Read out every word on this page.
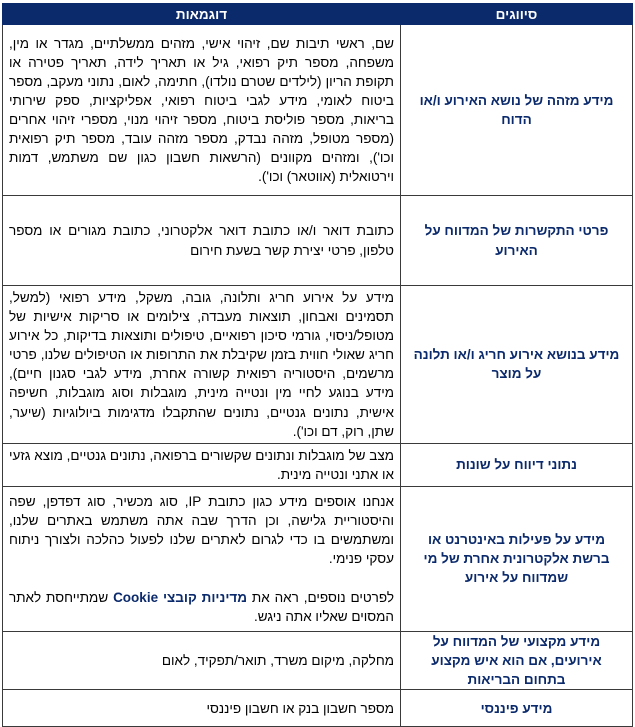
סיווגים	דוגמאות
מידע מזהה של נושא האירוע ו/או הדוח	שם, ראשי תיבות שם, זיהוי אישי, מזהים ממשלתיים, מגדר או מין, משפחה, מספר תיק רפואי, גיל או תאריך לידה, תאריך פטירה או תקופת הריון (לילדים שטרם נולדו), חתימה, לאום, נתוני מעקב, מספר ביטוח לאומי, מידע לגבי ביטוח רפואי, אפליקציות, ספק שירותי בריאות, מספר פוליסת ביטוח, מספר זיהוי מנוי, מספרי זיהוי אחרים (מספר מטופל, מזהה נבדק, מספר מזהה עובד, מספר תיק רפואית וכו'), ומזהים מקוונים (הרשאות חשבון כגון שם משתמש, דמות וירטואלית (אווטאר) וכו').
פרטי התקשרות של המדווח על האירוע	כתובת דואר ו/או כתובת דואר אלקטרוני, כתובת מגורים או מספר טלפון, פרטי יצירת קשר בשעת חירום
מידע בנושא אירוע חריג ו/או תלונה על מוצר	מידע על אירוע חריג ותלונה, גובה, משקל, מידע רפואי (למשל, תסמינים ואבחון, תוצאות מעבדה, צילומים או סריקות אישיות של מטופל/ניסוי, גורמי סיכון רפואיים, טיפולים ותוצאות בדיקות, כל אירוע חריג שאולי חווית בזמן שקיבלת את התרופות או הטיפולים שלנו, פרטי מרשמים, היסטוריה רפואית קשורה אחרת, מידע לגבי סגנון חיים), מידע בנוגע לחיי מין ונטייה מינית, מוגבלות וסוג מוגבלות, חשיפה אישית, נתונים גנטיים, נתונים שהתקבלו מדגימות ביולוגיות (שיער, שתן, רוק, דם וכו').
נתוני דיווח על שונות	מצב של מוגבלות ונתונים שקשורים ברפואה, נתונים גנטיים, מוצא גזעי או אתני ונטייה מינית.
מידע על פעילות באינטרנט או ברשת אלקטרונית אחרת של מי שמדווח על אירוע	אנחנו אוספים מידע כגון כתובת IP, סוג מכשיר, סוג דפדפן, שפה והיסטוריית גלישה, וכן הדרך שבה אתה משתמש באתרים שלנו, ומשתמשים בו כדי לגרום לאתרים שלנו לפעול כהלכה ולצורך ניתוח עסקי פנימי.
לפרטים נוספים, ראה את מדיניות קובצי Cookie שמתייחסת לאתר המסוים שאליו אתה ניגש.

מידע מקצועי של המדווח על אירועים, אם הוא איש מקצוע בתחום הבריאות	מחלקה, מיקום משרד, תואר/תפקיד, לאום
מידע פיננסי	מספר חשבון בנק או חשבון פיננסי
